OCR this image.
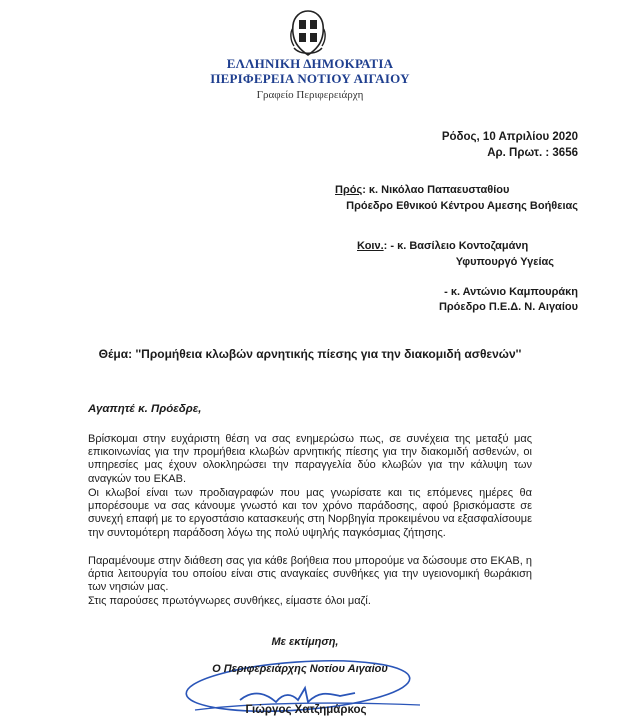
ΕΛΛΗΝΙΚΗ ΔΗΜΟΚΡΑΤΙΑ
ΠΕΡΙΦΕΡΕΙΑ ΝΟΤΙΟΥ ΑΙΓΑΙΟΥ
Γραφείο Περιφερειάρχη
Ρόδος, 10 Απριλίου 2020
Αρ. Πρωτ. : 3656
Πρός: κ. Νικόλαο Παπαευσταθίου
Πρόεδρο Εθνικού Κέντρου Αμεσης Βοήθειας
Κοιν.: - κ. Βασίλειο Κοντοζαμάνη
Υφυπουργό Υγείας
- κ. Αντώνιο Καμπουράκη
Πρόεδρο Π.Ε.Δ. Ν. Αιγαίου
Θέμα: ''Προμήθεια κλωβών αρνητικής πίεσης για την διακομιδή ασθενών''
Αγαπητέ κ. Πρόεδρε,
Βρίσκομαι στην ευχάριστη θέση να σας ενημερώσω πως, σε συνέχεια της μεταξύ μας επικοινωνίας για την προμήθεια κλωβών αρνητικής πίεσης για την διακομιδή ασθενών, οι υπηρεσίες μας έχουν ολοκληρώσει την παραγγελία δύο κλωβών για την κάλυψη των αναγκών του ΕΚΑΒ.
Οι κλωβοί είναι των προδιαγραφών που μας γνωρίσατε και τις επόμενες ημέρες θα μπορέσουμε να σας κάνουμε γνωστό και τον χρόνο παράδοσης, αφού βρισκόμαστε σε συνεχή επαφή με το εργοστάσιο κατασκευής στη Νορβηγία προκειμένου να εξασφαλίσουμε την συντομότερη παράδοση λόγω της πολύ υψηλής παγκόσμιας ζήτησης.
Παραμένουμε στην διάθεση σας για κάθε βοήθεια που μπορούμε να δώσουμε στο ΕΚΑΒ, η άρτια λειτουργία του οποίου είναι στις αναγκαίες συνθήκες για την υγειονομική θωράκιση των νησιών μας.
Στις παρούσες πρωτόγνωρες συνθήκες, είμαστε όλοι μαζί.
Με εκτίμηση,
Ο Περιφερειάρχης Νοτίου Αιγαίου
Γιώργος Χατζημάρκος
